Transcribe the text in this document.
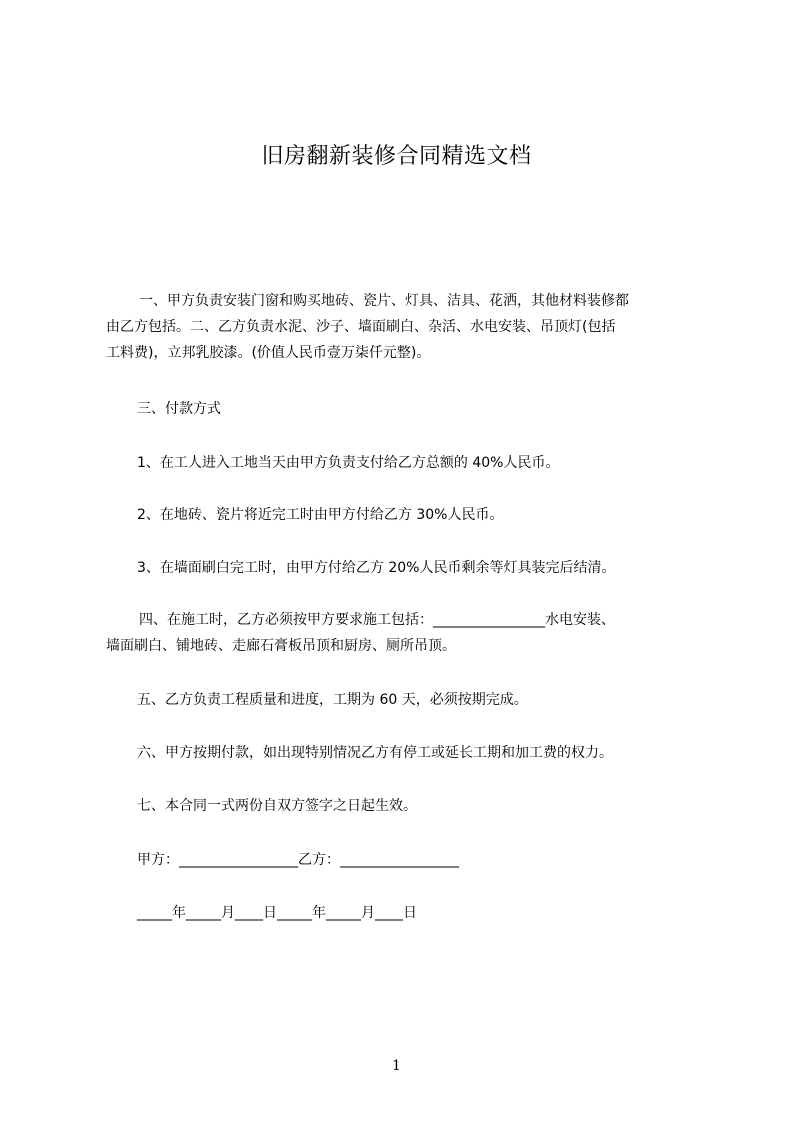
旧房翻新装修合同精选文档
一、甲方负责安装门窗和购买地砖、瓷片、灯具、洁具、花洒，其他材料装修都
由乙方包括。二、乙方负责水泥、沙子、墙面刷白、杂活、水电安装、吊顶灯(包括
工料费)，立邦乳胶漆。(价值人民币壹万柒仟元整)。
三、付款方式
1、在工人进入工地当天由甲方负责支付给乙方总额的 40%人民币。
2、在地砖、瓷片将近完工时由甲方付给乙方 30%人民币。
3、在墙面刷白完工时，由甲方付给乙方 20%人民币剩余等灯具装完后结清。
四、在施工时，乙方必须按甲方要求施工包括：________________水电安装、
墙面刷白、铺地砖、走廊石膏板吊顶和厨房、厕所吊顶。
五、乙方负责工程质量和进度，工期为 60 天，必须按期完成。
六、甲方按期付款，如出现特别情况乙方有停工或延长工期和加工费的权力。
七、本合同一式两份自双方签字之日起生效。
甲方：_________________乙方：_________________
_____年_____月____日_____年_____月____日
1
